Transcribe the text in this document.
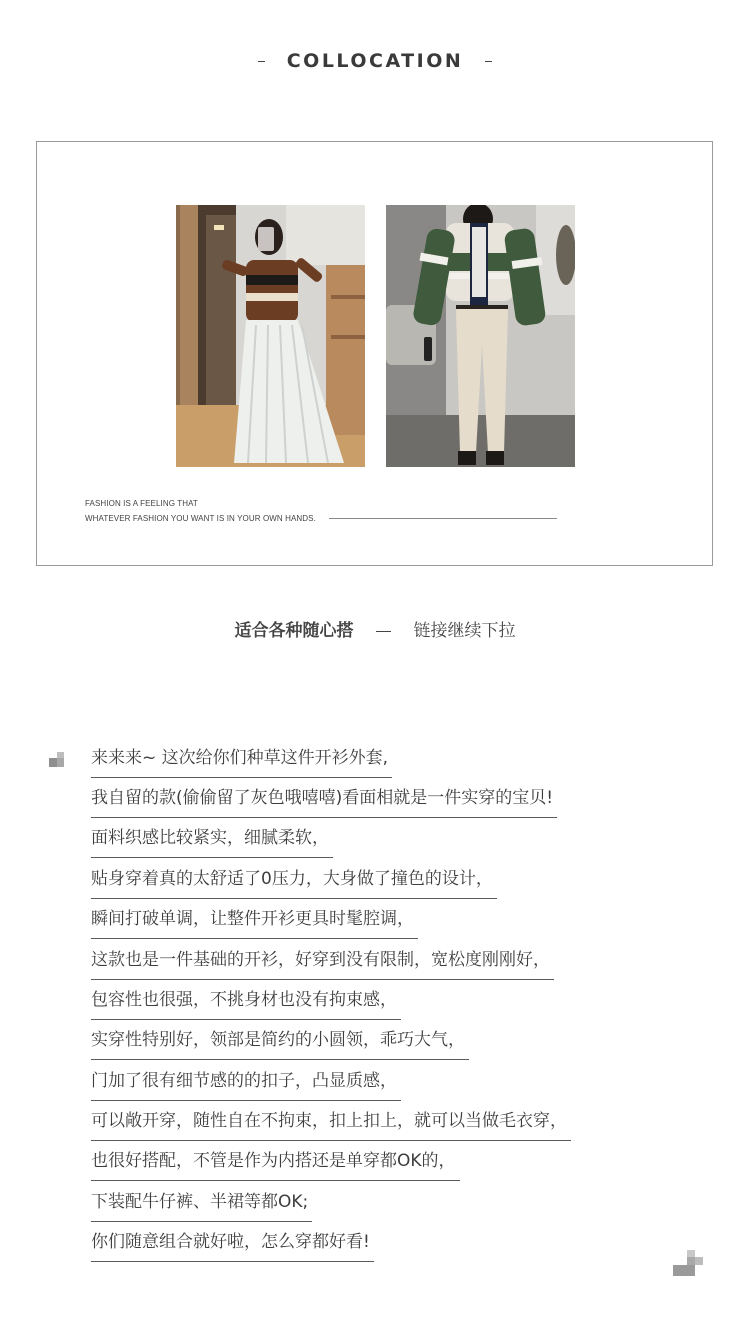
COLLOCATION
FASHION IS A FEELING THAT
WHATEVER FASHION YOU WANT IS IN YOUR OWN HANDS.
适合各种随心搭	链接继续下拉
来来来~ 这次给你们种草这件开衫外套,
我自留的款(偷偷留了灰色哦嘻嘻)看面相就是一件实穿的宝贝!
面料织感比较紧实，细腻柔软，
贴身穿着真的太舒适了0压力，大身做了撞色的设计，
瞬间打破单调，让整件开衫更具时髦腔调，
这款也是一件基础的开衫，好穿到没有限制，宽松度刚刚好，
包容性也很强，不挑身材也没有拘束感，
实穿性特别好，领部是简约的小圆领，乖巧大气，
门加了很有细节感的的扣子，凸显质感，
可以敞开穿，随性自在不拘束，扣上扣上，就可以当做毛衣穿，
也很好搭配，不管是作为内搭还是单穿都OK的，
下装配牛仔裤、半裙等都OK;
你们随意组合就好啦，怎么穿都好看!
